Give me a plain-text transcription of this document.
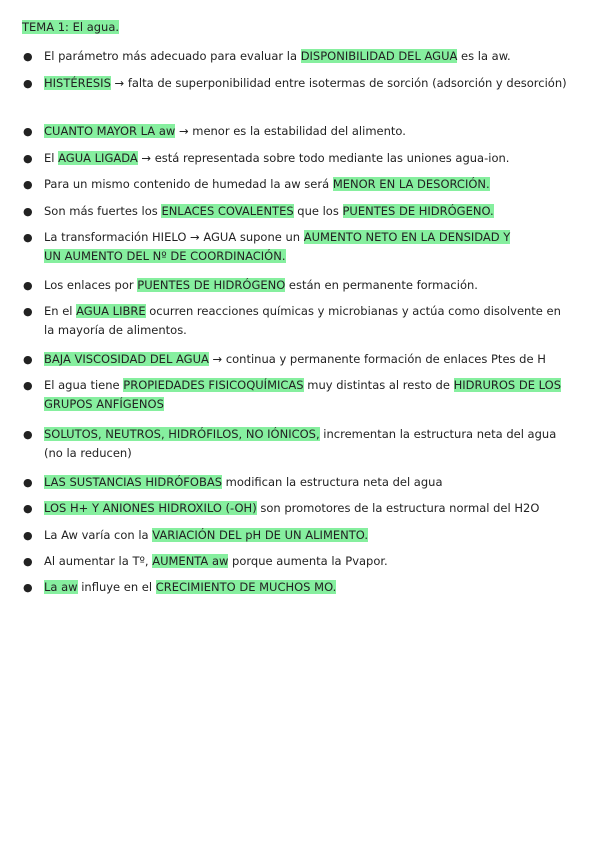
TEMA 1: El agua.
● El parámetro más adecuado para evaluar la DISPONIBILIDAD DEL AGUA es la aw.
● HISTÉRESIS → falta de superponibilidad entre isotermas de sorción (adsorción y desorción)
● CUANTO MAYOR LA aw → menor es la estabilidad del alimento.
● El AGUA LIGADA → está representada sobre todo mediante las uniones agua-ion.
● Para un mismo contenido de humedad la aw será MENOR EN LA DESORCIÓN.
● Son más fuertes los ENLACES COVALENTES que los PUENTES DE HIDRÓGENO.
● La transformación HIELO → AGUA supone un AUMENTO NETO EN LA DENSIDAD Y UN AUMENTO DEL Nº DE COORDINACIÓN.
● Los enlaces por PUENTES DE HIDRÓGENO están en permanente formación.
● En el AGUA LIBRE ocurren reacciones químicas y microbianas y actúa como disolvente en la mayoría de alimentos.
● BAJA VISCOSIDAD DEL AGUA → continua y permanente formación de enlaces Ptes de H
● El agua tiene PROPIEDADES FISICOQUÍMICAS muy distintas al resto de HIDRUROS DE LOS GRUPOS ANFÍGENOS
● SOLUTOS, NEUTROS, HIDRÓFILOS, NO IÓNICOS, incrementan la estructura neta del agua (no la reducen)
● LAS SUSTANCIAS HIDRÓFOBAS modifican la estructura neta del agua
● LOS H+ Y ANIONES HIDROXILO (-OH) son promotores de la estructura normal del H2O
● La Aw varía con la VARIACIÓN DEL pH DE UN ALIMENTO.
● Al aumentar la Tº, AUMENTA aw porque aumenta la Pvapor.
● La aw influye en el CRECIMIENTO DE MUCHOS MO.
